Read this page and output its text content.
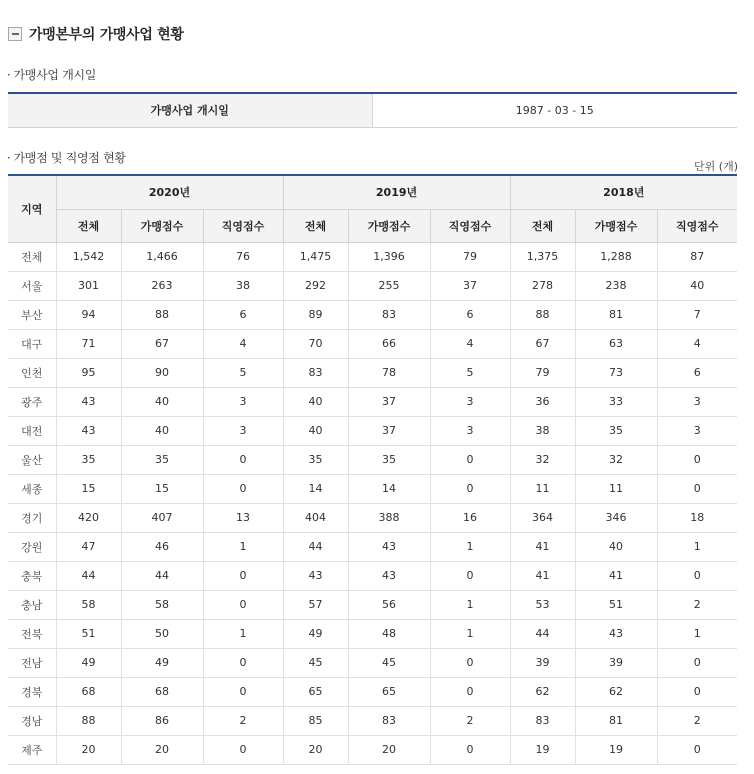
가맹본부의 가맹사업 현황
· 가맹사업 개시일
가맹사업 개시일	1987 - 03 - 15
· 가맹점 및 직영점 현황
단위 (개)
지역	2020년			2019년			2018년		
	전체	가맹점수	직영점수	전체	가맹점수	직영점수	전체	가맹점수	직영점수
전체	1,542	1,466	76	1,475	1,396	79	1,375	1,288	87
서울	301	263	38	292	255	37	278	238	40
부산	94	88	6	89	83	6	88	81	7
대구	71	67	4	70	66	4	67	63	4
인천	95	90	5	83	78	5	79	73	6
광주	43	40	3	40	37	3	36	33	3
대전	43	40	3	40	37	3	38	35	3
울산	35	35	0	35	35	0	32	32	0
세종	15	15	0	14	14	0	11	11	0
경기	420	407	13	404	388	16	364	346	18
강원	47	46	1	44	43	1	41	40	1
충북	44	44	0	43	43	0	41	41	0
충남	58	58	0	57	56	1	53	51	2
전북	51	50	1	49	48	1	44	43	1
전남	49	49	0	45	45	0	39	39	0
경북	68	68	0	65	65	0	62	62	0
경남	88	86	2	85	83	2	83	81	2
제주	20	20	0	20	20	0	19	19	0
